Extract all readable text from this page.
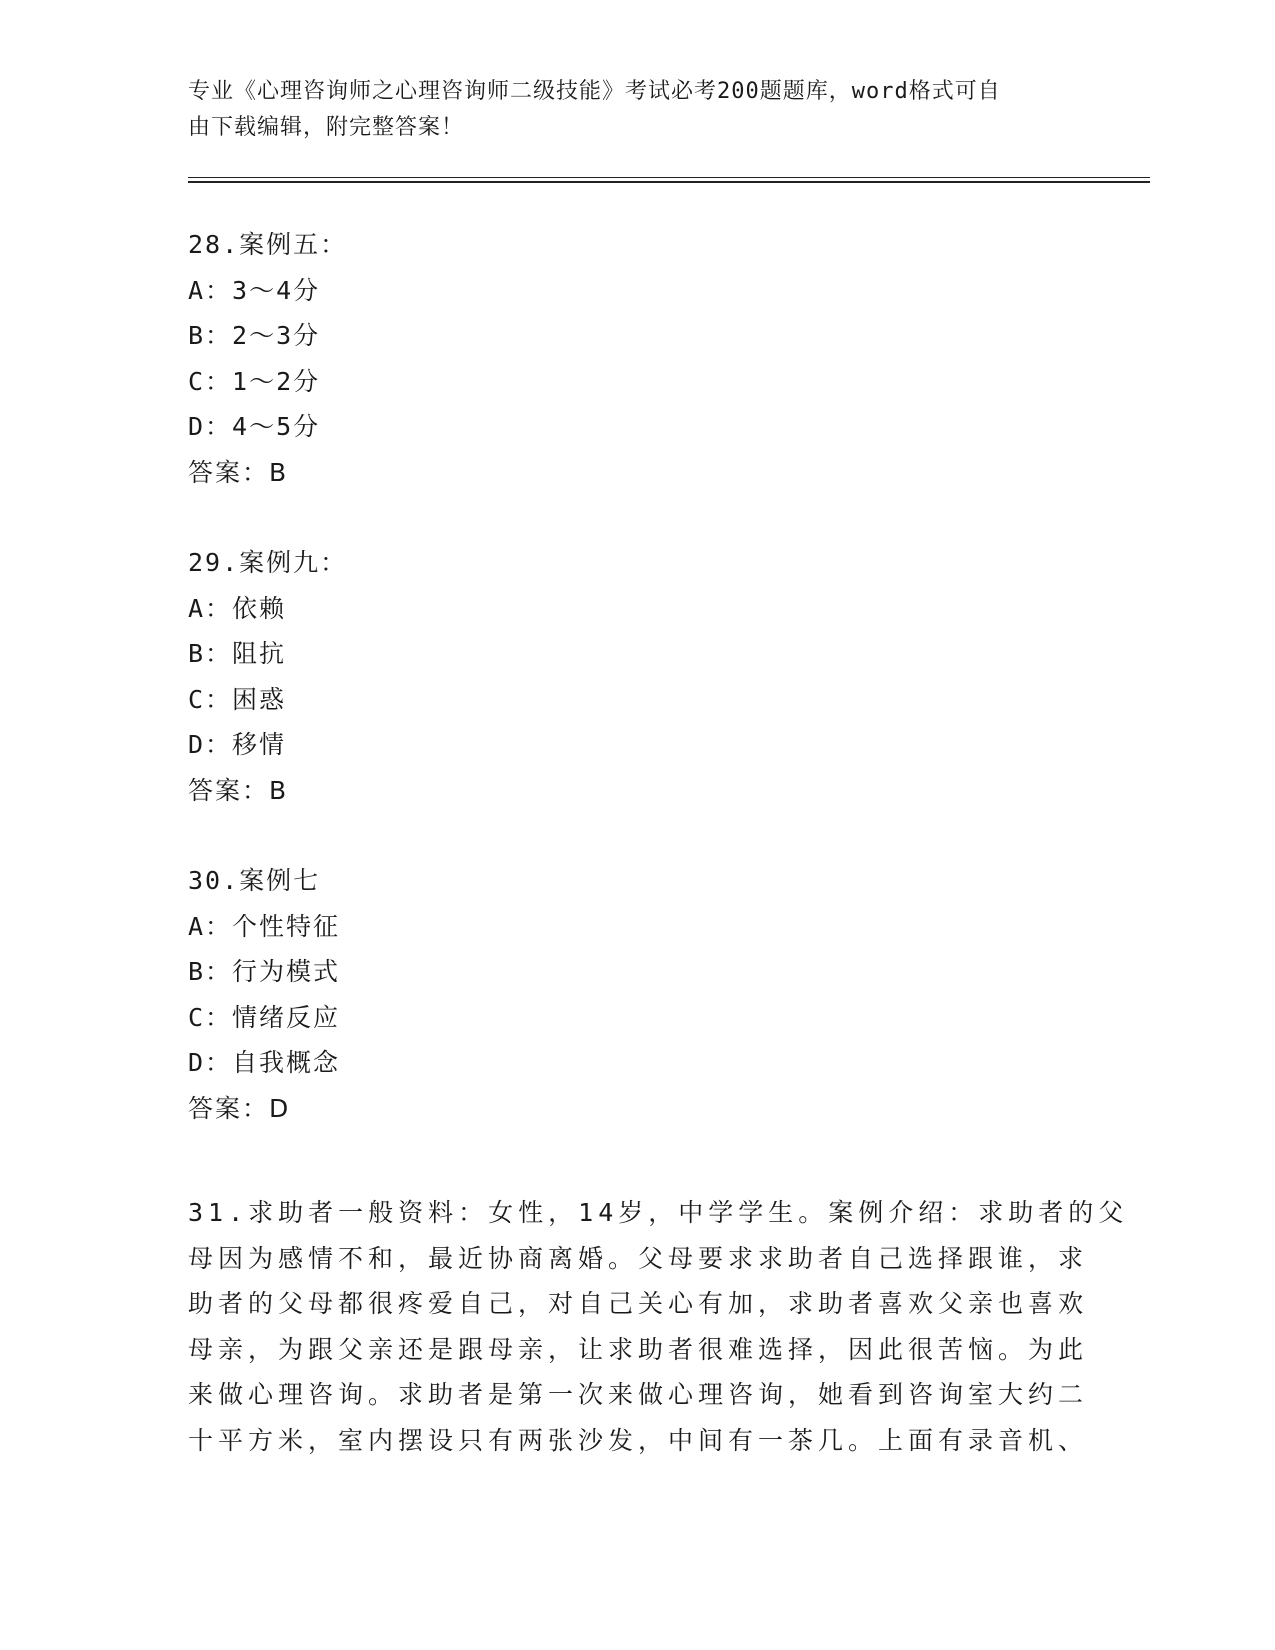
专业《心理咨询师之心理咨询师二级技能》考试必考200题题库，word格式可自
由下载编辑，附完整答案！
28.案例五：
A：3～4分
B：2～3分
C：1～2分
D：4～5分
答案：B
29.案例九：
A：依赖
B：阻抗
C：困惑
D：移情
答案：B
30.案例七
A：个性特征
B：行为模式
C：情绪反应
D：自我概念
答案：D
31.求助者一般资料：女性，14岁，中学学生。案例介绍：求助者的父
母因为感情不和，最近协商离婚。父母要求求助者自己选择跟谁，求
助者的父母都很疼爱自己，对自己关心有加，求助者喜欢父亲也喜欢
母亲，为跟父亲还是跟母亲，让求助者很难选择，因此很苦恼。为此
来做心理咨询。求助者是第一次来做心理咨询，她看到咨询室大约二
十平方米，室内摆设只有两张沙发，中间有一茶几。上面有录音机、
